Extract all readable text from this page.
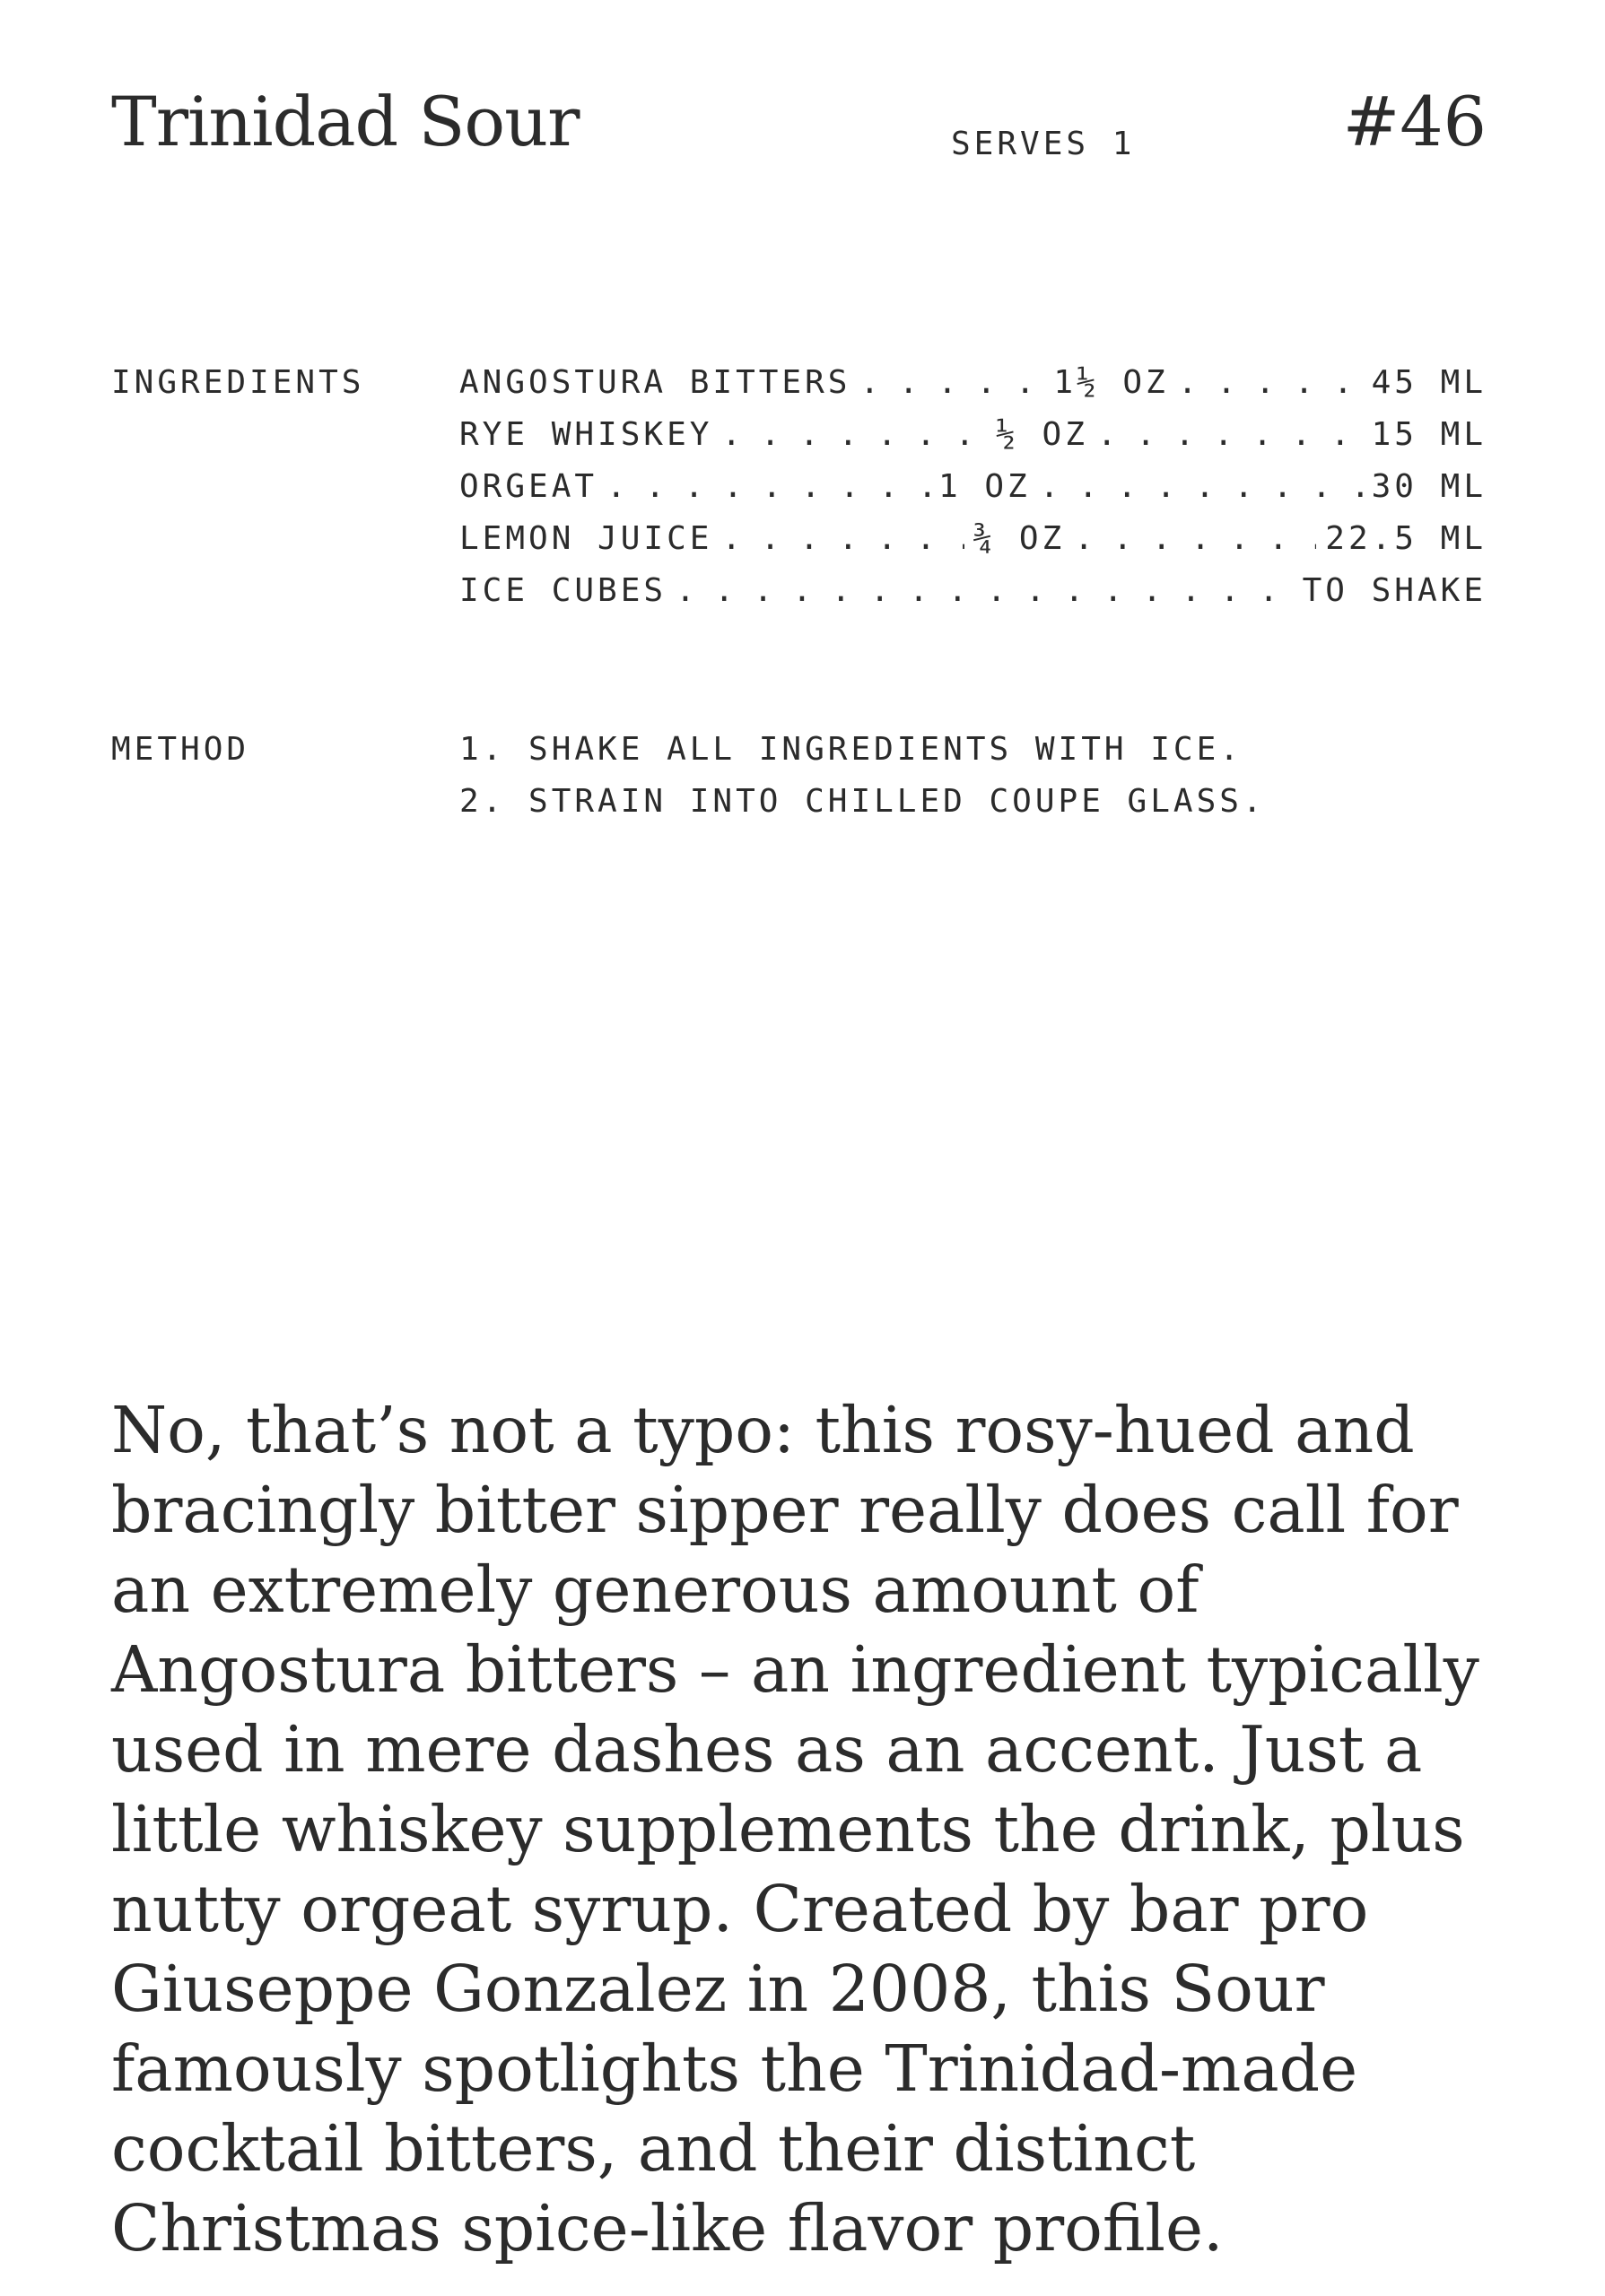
Trinidad Sour	SERVES 1	#46
INGREDIENTS	ANGOSTURA BITTERS . . .	1½ OZ . . .	45 ML
RYE WHISKEY . . .	½ OZ . . .	15 ML
ORGEAT . . .	1 OZ . . .	30 ML
LEMON JUICE . . .	¾ OZ . . .	22.5 ML
ICE CUBES . . .	TO SHAKE
METHOD	1. SHAKE ALL INGREDIENTS WITH ICE.
2. STRAIN INTO CHILLED COUPE GLASS.
No, that’s not a typo: this rosy-hued and bracingly bitter sipper really does call for an extremely generous amount of Angostura bitters – an ingredient typically used in mere dashes as an accent. Just a little whiskey supplements the drink, plus nutty orgeat syrup. Created by bar pro Giuseppe Gonzalez in 2008, this Sour famously spotlights the Trinidad-made cocktail bitters, and their distinct Christmas spice-like flavor profile.
